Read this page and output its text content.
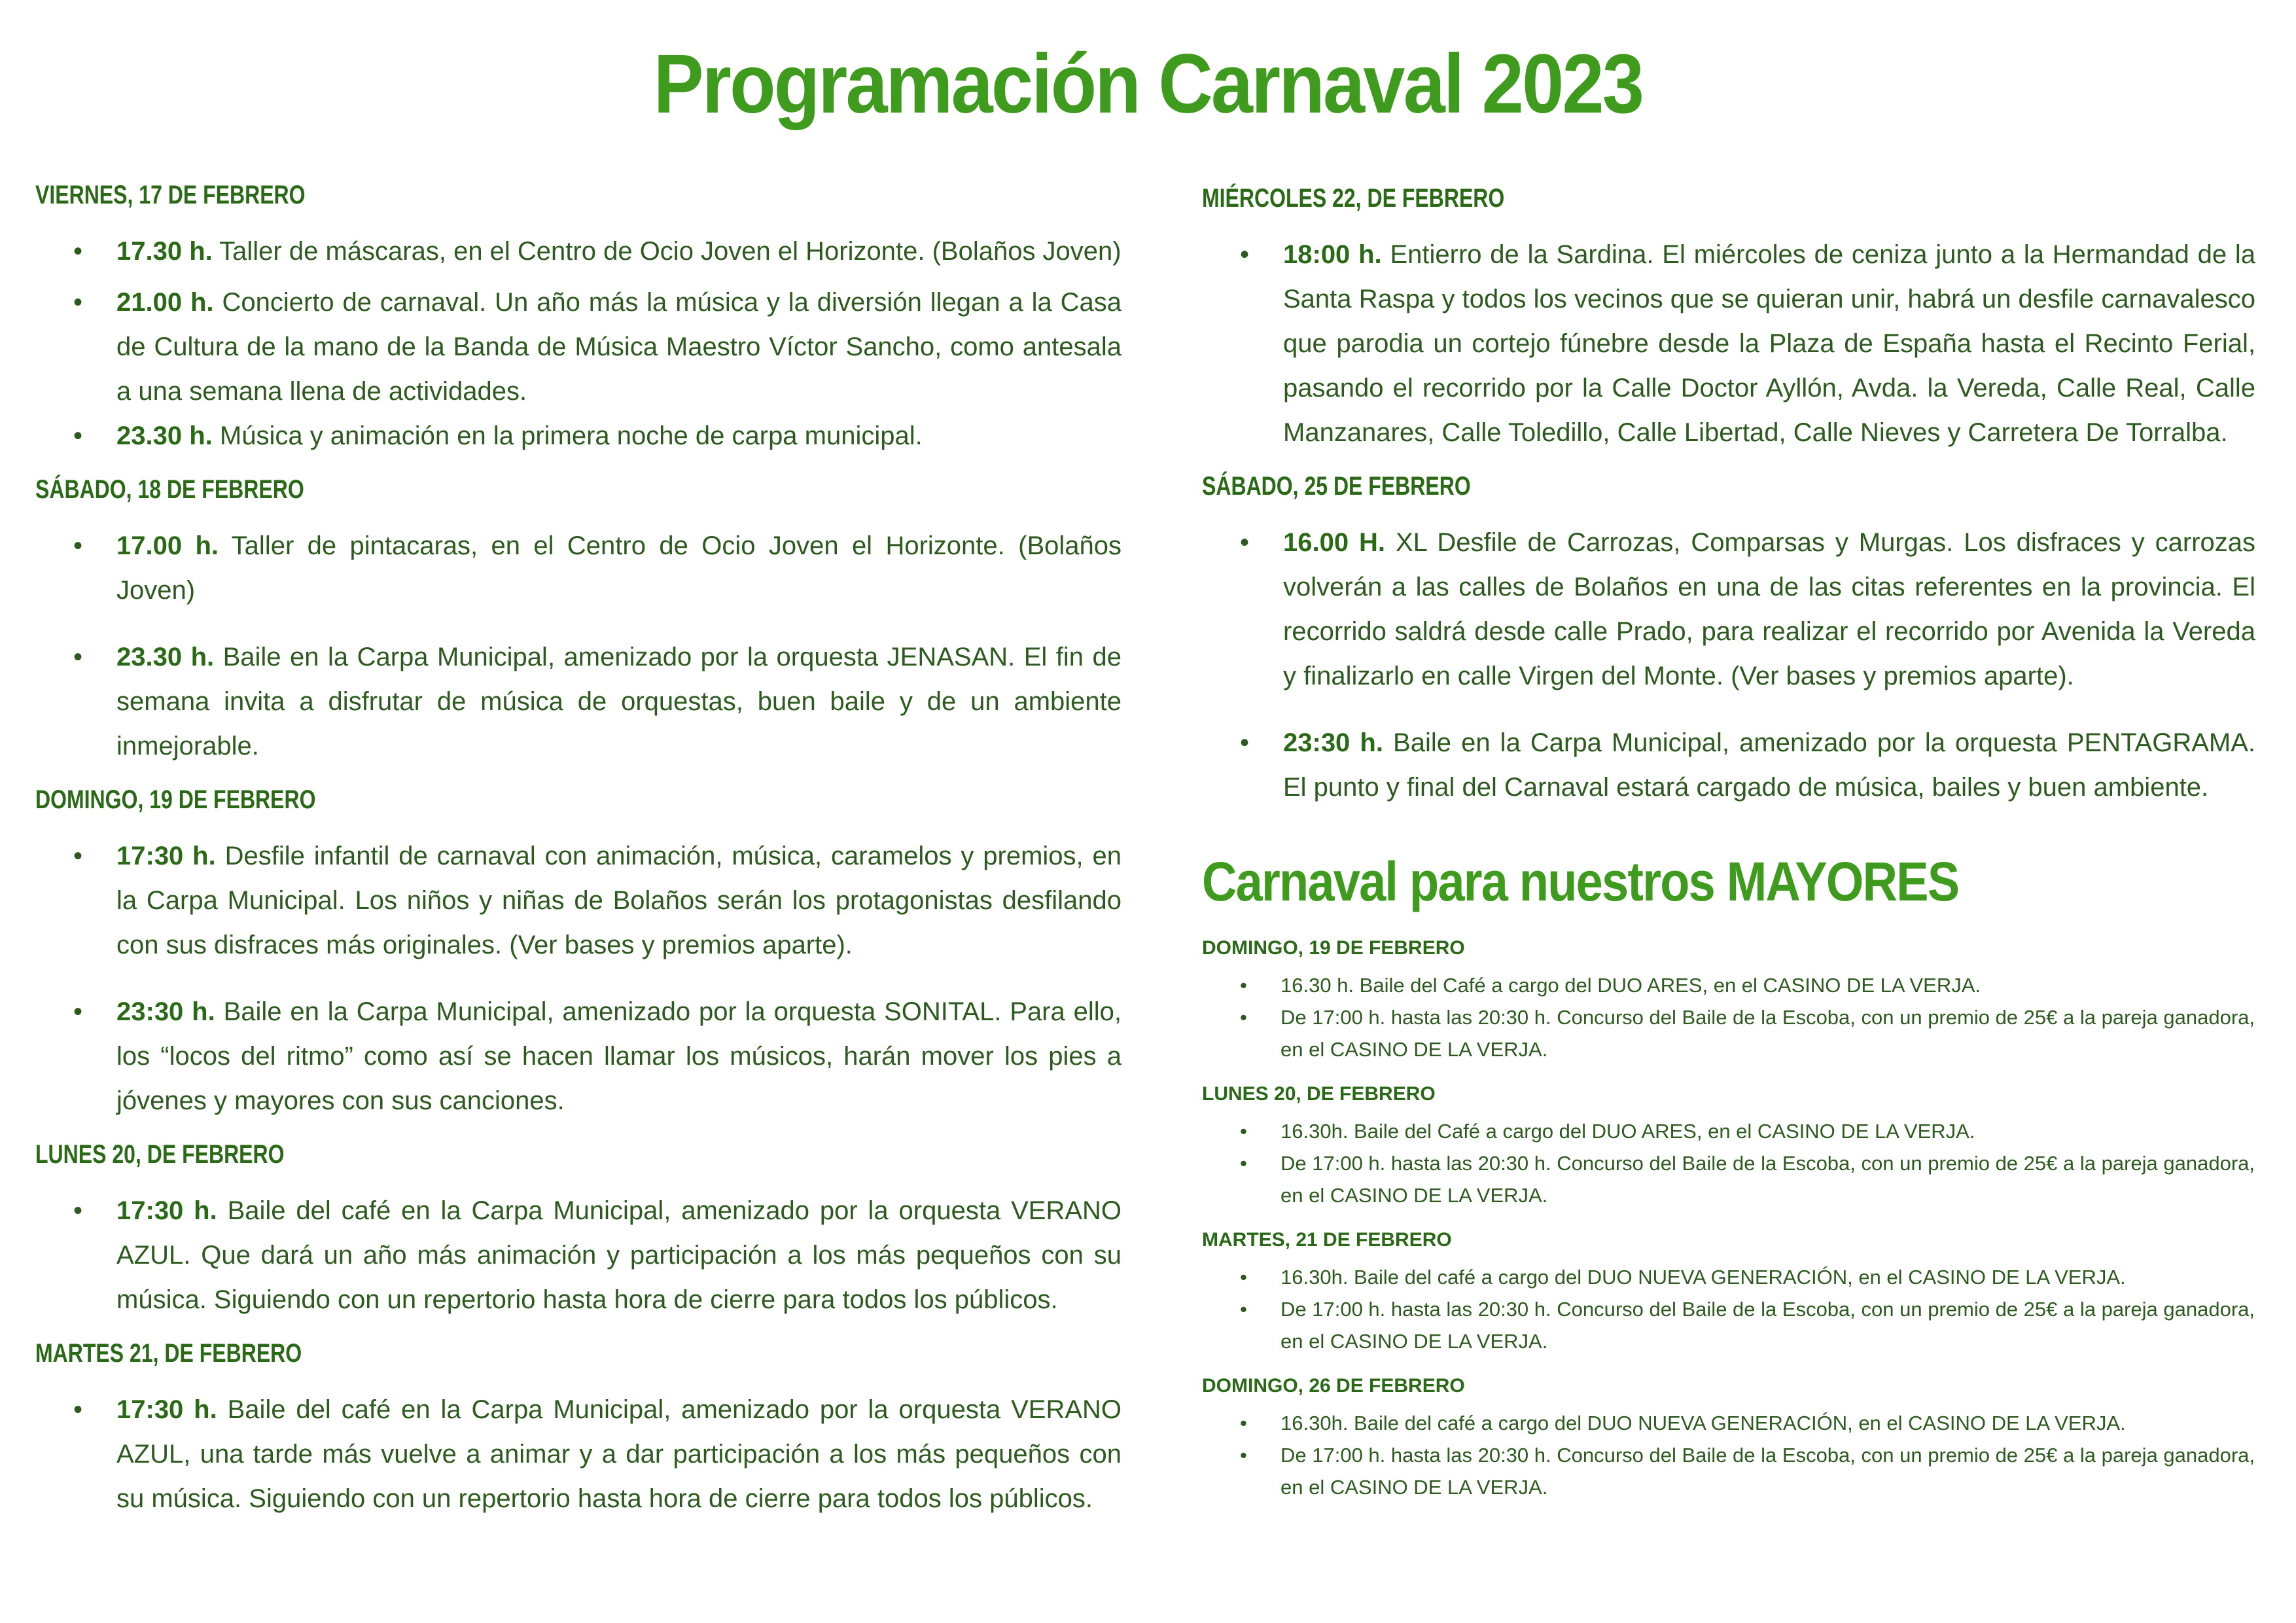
Programación Carnaval 2023
VIERNES, 17 DE FEBRERO
• 17.30 h. Taller de máscaras, en el Centro de Ocio Joven el Horizonte. (Bolaños Joven)
• 21.00 h. Concierto de carnaval. Un año más la música y la diversión llegan a la Casa de Cultura de la mano de la Banda de Música Maestro Víctor Sancho, como antesala a una semana llena de actividades.
• 23.30 h. Música y animación en la primera noche de carpa municipal.
SÁBADO, 18 DE FEBRERO
• 17.00 h. Taller de pintacaras, en el Centro de Ocio Joven el Horizonte. (Bolaños Joven)
• 23.30 h. Baile en la Carpa Municipal, amenizado por la orquesta JENASAN. El fin de semana invita a disfrutar de música de orquestas, buen baile y de un ambiente inmejorable.
DOMINGO, 19 DE FEBRERO
• 17:30 h. Desfile infantil de carnaval con animación, música, caramelos y premios, en la Carpa Municipal. Los niños y niñas de Bolaños serán los protagonistas desfilando con sus disfraces más originales. (Ver bases y premios aparte).
• 23:30 h. Baile en la Carpa Municipal, amenizado por la orquesta SONITAL. Para ello, los “locos del ritmo” como así se hacen llamar los músicos, harán mover los pies a jóvenes y mayores con sus canciones.
LUNES 20, DE FEBRERO
• 17:30 h. Baile del café en la Carpa Municipal, amenizado por la orquesta VERANO AZUL. Que dará un año más animación y participación a los más pequeños con su música. Siguiendo con un repertorio hasta hora de cierre para todos los públicos.
MARTES 21, DE FEBRERO
• 17:30 h. Baile del café en la Carpa Municipal, amenizado por la orquesta VERANO AZUL, una tarde más vuelve a animar y a dar participación a los más pequeños con su música. Siguiendo con un repertorio hasta hora de cierre para todos los públicos.
MIÉRCOLES 22, DE FEBRERO
• 18:00 h. Entierro de la Sardina. El miércoles de ceniza junto a la Hermandad de la Santa Raspa y todos los vecinos que se quieran unir, habrá un desfile carnavalesco que parodia un cortejo fúnebre desde la Plaza de España hasta el Recinto Ferial, pasando el recorrido por la Calle Doctor Ayllón, Avda. la Vereda, Calle Real, Calle Manzanares, Calle Toledillo, Calle Libertad, Calle Nieves y Carretera De Torralba.
SÁBADO, 25 DE FEBRERO
• 16.00 H. XL Desfile de Carrozas, Comparsas y Murgas. Los disfraces y carrozas volverán a las calles de Bolaños en una de las citas referentes en la provincia. El recorrido saldrá desde calle Prado, para realizar el recorrido por Avenida la Vereda y finalizarlo en calle Virgen del Monte. (Ver bases y premios aparte).
• 23:30 h. Baile en la Carpa Municipal, amenizado por la orquesta PENTAGRAMA. El punto y final del Carnaval estará cargado de música, bailes y buen ambiente.
Carnaval para nuestros MAYORES
DOMINGO, 19 DE FEBRERO
• 16.30 h. Baile del Café a cargo del DUO ARES, en el CASINO DE LA VERJA.
• De 17:00 h. hasta las 20:30 h. Concurso del Baile de la Escoba, con un premio de 25€ a la pareja ganadora, en el CASINO DE LA VERJA.
LUNES 20, DE FEBRERO
• 16.30h. Baile del Café a cargo del DUO ARES, en el CASINO DE LA VERJA.
• De 17:00 h. hasta las 20:30 h. Concurso del Baile de la Escoba, con un premio de 25€ a la pareja ganadora, en el CASINO DE LA VERJA.
MARTES, 21 DE FEBRERO
• 16.30h. Baile del café a cargo del DUO NUEVA GENERACIÓN, en el CASINO DE LA VERJA.
• De 17:00 h. hasta las 20:30 h. Concurso del Baile de la Escoba, con un premio de 25€ a la pareja ganadora, en el CASINO DE LA VERJA.
DOMINGO, 26 DE FEBRERO
• 16.30h. Baile del café a cargo del DUO NUEVA GENERACIÓN, en el CASINO DE LA VERJA.
• De 17:00 h. hasta las 20:30 h. Concurso del Baile de la Escoba, con un premio de 25€ a la pareja ganadora, en el CASINO DE LA VERJA.
